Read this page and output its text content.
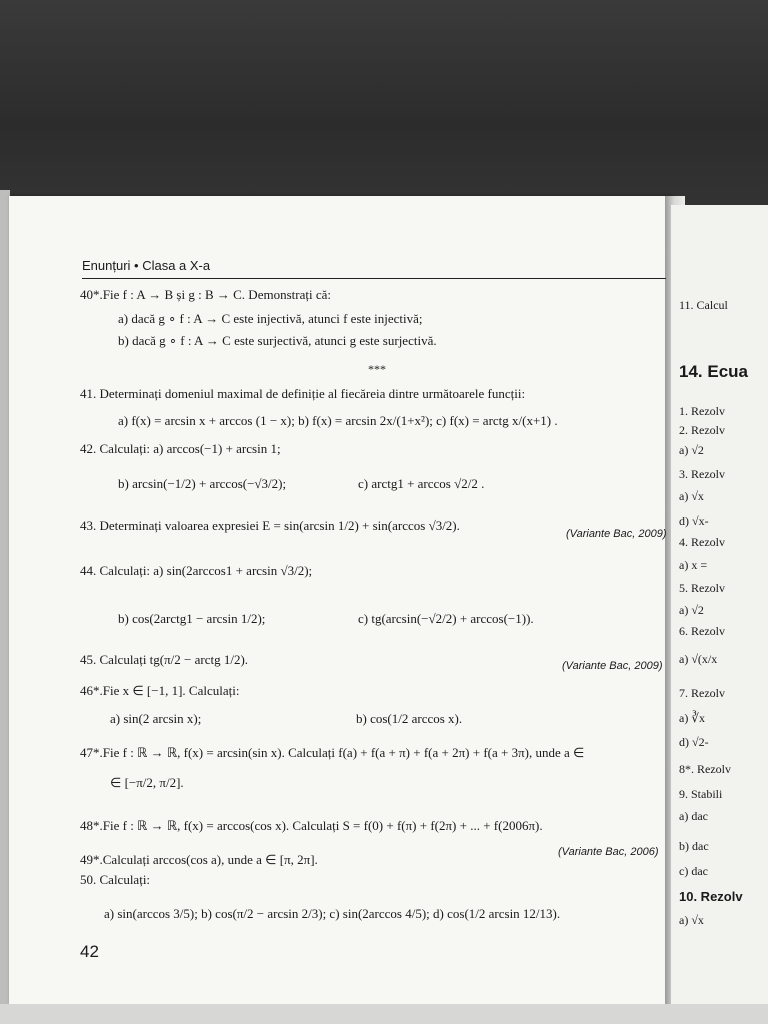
11. Calcul
14. Ecua
1. Rezolv
2. Rezolv
a) √2
3. Rezolv
a) √x
d) √x-
4. Rezolv
a) x =
5. Rezolv
a) √2
6. Rezolv
a) √(x/x
7. Rezolv
a) ∛x
d) √2-
8*. Rezolv
9. Stabili
a) dac
b) dac
c) dac
10. Rezolv
a) √x
Enunțuri • Clasa a X-a
40*.Fie f : A → B și g : B → C. Demonstrați că:
a) dacă g ∘ f : A → C este injectivă, atunci f este injectivă;
b) dacă g ∘ f : A → C este surjectivă, atunci g este surjectivă.
***
41. Determinați domeniul maximal de definiție al fiecăreia dintre următoarele funcții:
a) f(x) = arcsin x + arccos (1 − x); b) f(x) = arcsin 2x/(1+x²); c) f(x) = arctg x/(x+1) .
42. Calculați: a) arccos(−1) + arcsin 1;
b) arcsin(−1/2) + arccos(−√3/2);	c) arctg1 + arccos √2/2 .
43. Determinați valoarea expresiei E = sin(arcsin 1/2) + sin(arccos √3/2).
(Variante Bac, 2009)
44. Calculați: a) sin(2arccos1 + arcsin √3/2);
b) cos(2arctg1 − arcsin 1/2);	c) tg(arcsin(−√2/2) + arccos(−1)).
45. Calculați tg(π/2 − arctg 1/2).	(Variante Bac, 2009)
46*.Fie x ∈ [−1, 1]. Calculați:
a) sin(2 arcsin x);	b) cos(1/2 arccos x).
47*.Fie f : ℝ → ℝ, f(x) = arcsin(sin x). Calculați f(a) + f(a + π) + f(a + 2π) + f(a + 3π), unde a ∈
∈ [−π/2, π/2].
48*.Fie f : ℝ → ℝ, f(x) = arccos(cos x). Calculați S = f(0) + f(π) + f(2π) + ... + f(2006π).
(Variante Bac, 2006)
49*.Calculați arccos(cos a), unde a ∈ [π, 2π].
50. Calculați:
a) sin(arccos 3/5); b) cos(π/2 − arcsin 2/3); c) sin(2arccos 4/5); d) cos(1/2 arcsin 12/13).
42
